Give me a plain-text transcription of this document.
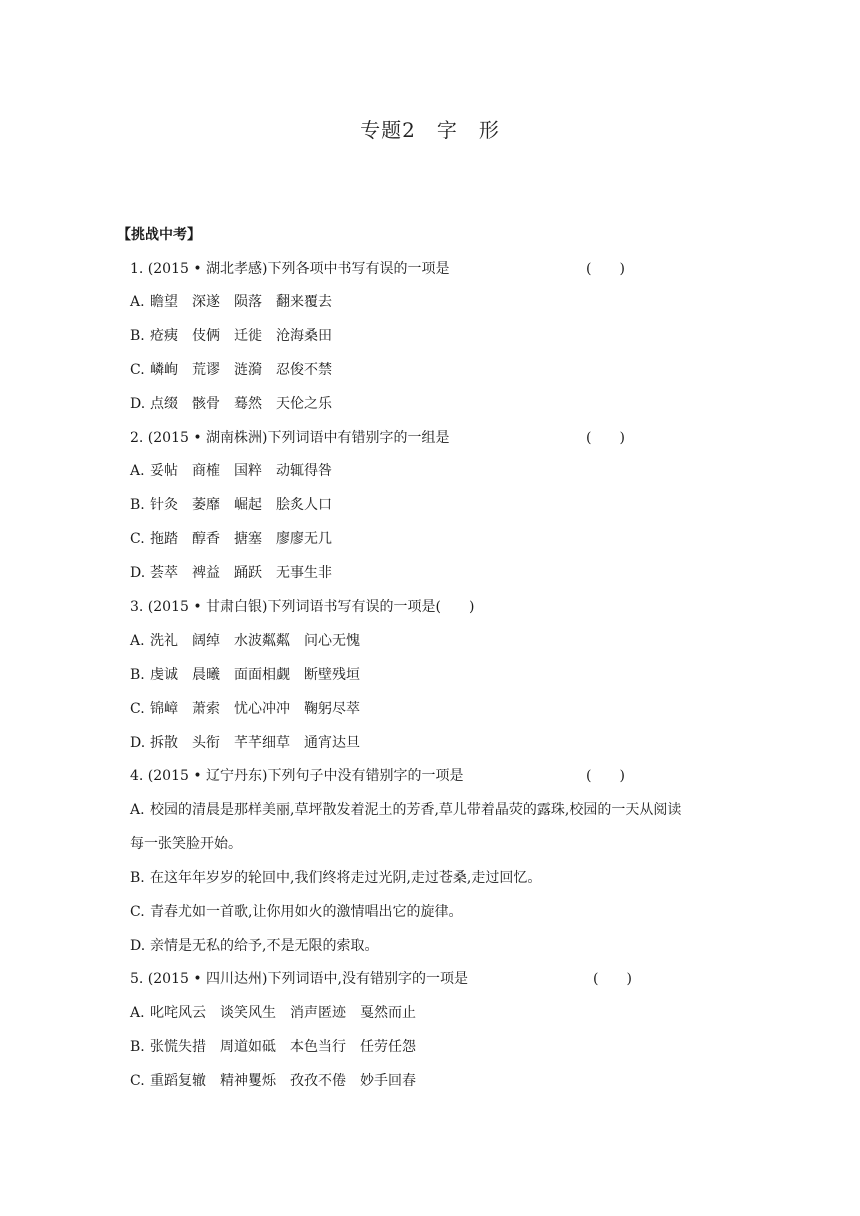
专题2　字　形
【挑战中考】
1. (2015 • 湖北孝感)下列各项中书写有误的一项是	(　　)
A. 瞻望　深遂　陨落　翻来覆去
B. 疮痍　伎俩　迁徙　沧海桑田
C. 嶙峋　荒谬　涟漪　忍俊不禁
D. 点缀　骸骨　蓦然　天伦之乐
2. (2015 • 湖南株洲)下列词语中有错别字的一组是	(　　)
A. 妥帖　商榷　国粹　动辄得咎
B. 针灸　萎靡　崛起　脍炙人口
C. 拖踏　醇香　搪塞　廖廖无几
D. 荟萃　裨益　踊跃　无事生非
3. (2015 • 甘肃白银)下列词语书写有误的一项是(　　)
A. 洗礼　阔绰　水波粼粼　问心无愧
B. 虔诚　晨曦　面面相觑　断壁残垣
C. 锦嶂　萧索　忧心冲冲　鞠躬尽萃
D. 拆散　头衔　芊芊细草　通宵达旦
4. (2015 • 辽宁丹东)下列句子中没有错别字的一项是	(　　)
A. 校园的清晨是那样美丽,草坪散发着泥土的芳香,草儿带着晶荧的露珠,校园的一天从阅读
每一张笑脸开始。
B. 在这年年岁岁的轮回中,我们终将走过光阴,走过苍桑,走过回忆。
C. 青春尤如一首歌,让你用如火的激情唱出它的旋律。
D. 亲情是无私的给予,不是无限的索取。
5. (2015 • 四川达州)下列词语中,没有错别字的一项是	(　　)
A. 叱咤风云　谈笑风生　消声匿迹　戛然而止
B. 张慌失措　周道如砥　本色当行　任劳任怨
C. 重蹈复辙　精神矍烁　孜孜不倦　妙手回春
